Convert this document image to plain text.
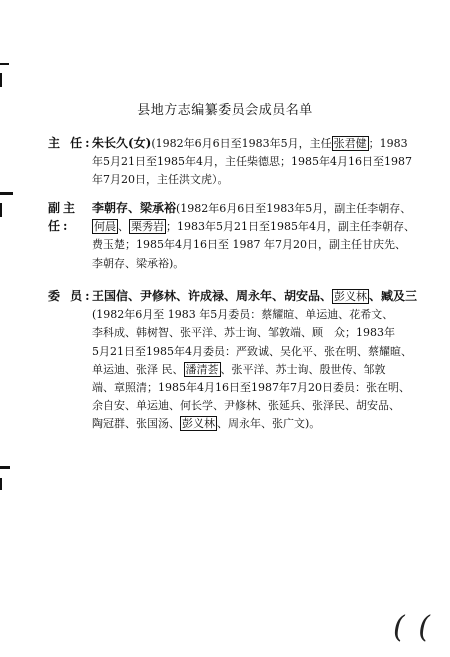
县地方志编纂委员会成员名单
主 任: 朱长久(女)(1982年6月6日至1983年5月，主任 张君健 ；1983
年5月21日至1985年4月，主任柴德思；1985年4月16日至1987
年7月20日，主任洪文虎）。
副主任:
李朝存、梁承裕(1982年6月6日至1983年5月，副主任李朝存、
何晨 、 栗秀岩 ；1983年5月21日至1985年4月，副主任李朝存、
费玉楚；1985年4月16日至 1987 年7月20日，副主任甘庆先、
李朝存、梁承裕)。
委 员: 王国信、尹修林、许成禄、周永年、胡安品、 彭义林 、臧及三
(1982年6月至 1983 年5月委员：蔡耀暄、单运迪、花希文、
李科成、韩树智、张平洋、苏士询、邹敦端、顾　众；1983年
5月21日至1985年4月委员：严致诚、吴化平、张在明、蔡耀暄、
单运迪、张泽 民、 潘清荟 、张平洋、苏士询、殷世传、邹敦
端、章照清；1985年4月16日至1987年7月20日委员：张在明、
余自安、单运迪、何长学、尹修林、张延兵、张泽民、胡安品、
陶冠群、张国汤、 彭义林 、周永年、张广文)。
( (
